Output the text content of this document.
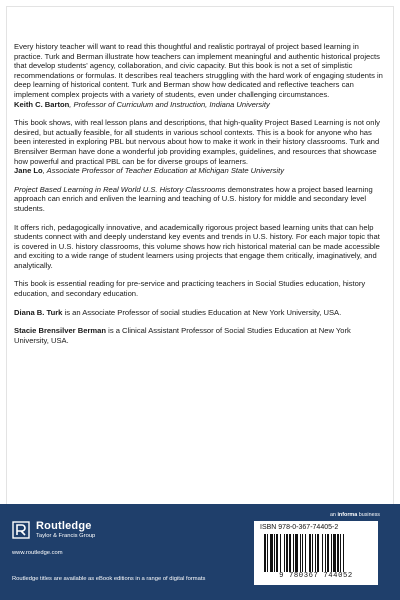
Every history teacher will want to read this thoughtful and realistic portrayal of project based learning in practice. Turk and Berman illustrate how teachers can implement meaningful and authentic historical projects that develop students' agency, collaboration, and civic capacity. But this book is not a set of simplistic recommendations or formulas. It describes real teachers struggling with the hard work of engaging students in deep learning of historical content. Turk and Berman show how dedicated and reflective teachers can implement complex projects with a variety of students, even under challenging circumstances.
Keith C. Barton, Professor of Curriculum and Instruction, Indiana University

This book shows, with real lesson plans and descriptions, that high-quality Project Based Learning is not only desired, but actually feasible, for all students in various school contexts. This is a book for anyone who has been interested in exploring PBL but nervous about how to make it work in their history classrooms. Turk and Brensilver Berman have done a wonderful job providing examples, guidelines, and resources that showcase how powerful and practical PBL can be for diverse groups of learners.
Jane Lo, Associate Professor of Teacher Education at Michigan State University

Project Based Learning in Real World U.S. History Classrooms demonstrates how a project based learning approach can enrich and enliven the learning and teaching of U.S. history for middle and secondary level students.

It offers rich, pedagogically innovative, and academically rigorous project based learning units that can help students connect with and deeply understand key events and trends in U.S. history. For each major topic that is covered in U.S. history classrooms, this volume shows how rich historical material can be made accessible and exciting to a wide range of student learners using projects that engage them critically, imaginatively, and analytically.

This book is essential reading for pre-service and practicing teachers in Social Studies education, history education, and secondary education.

Diana B. Turk is an Associate Professor of social studies Education at New York University, USA.

Stacie Brensilver Berman is a Clinical Assistant Professor of Social Studies Education at New York University, USA.

an informa business
Routledge
Taylor & Francis Group
www.routledge.com
Routledge titles are available as eBook editions in a range of digital formats
ISBN 978-0-367-74405-2
9 780367 744052
